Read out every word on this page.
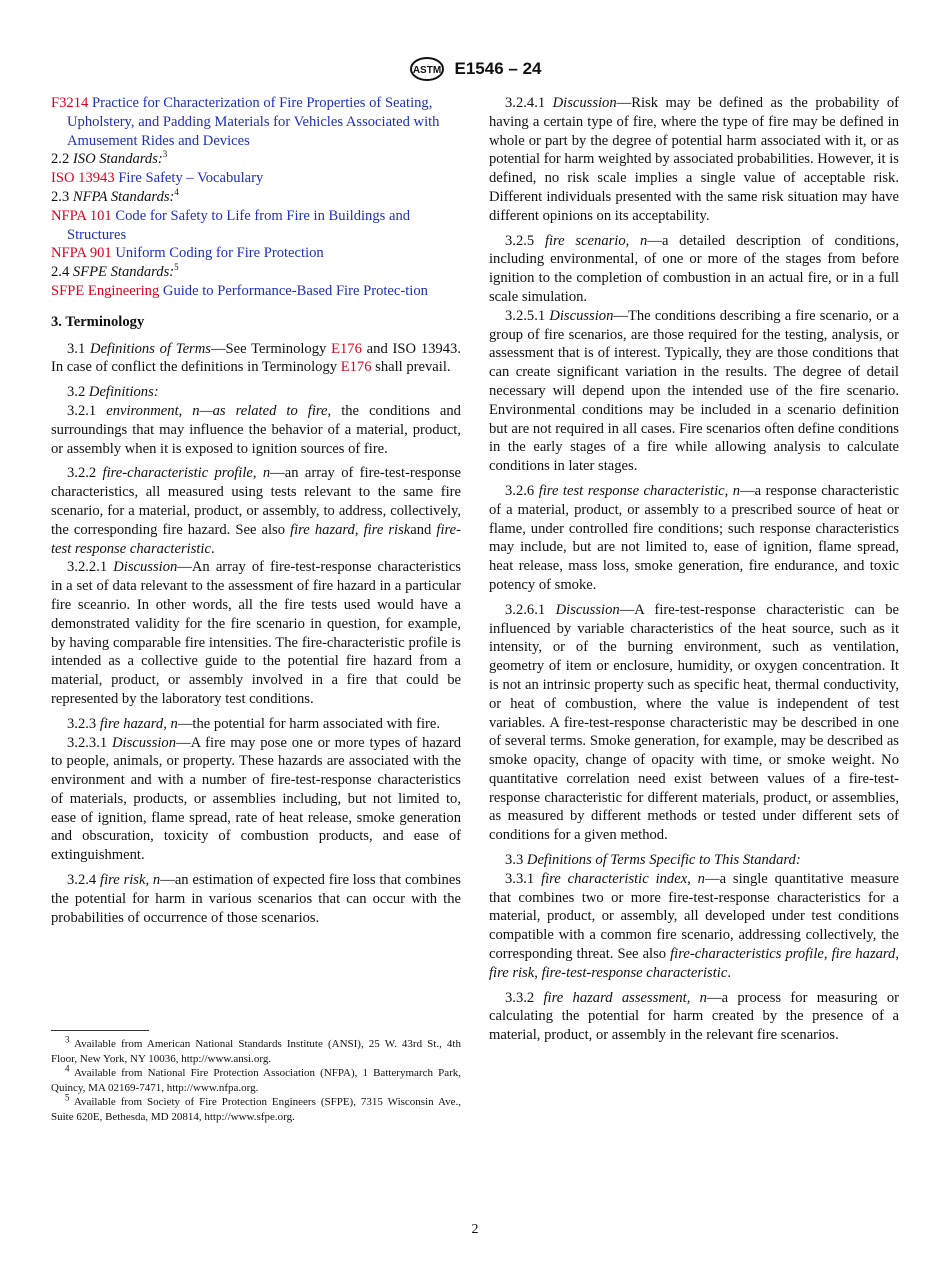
ASTM E1546 – 24

F3214 Practice for Characterization of Fire Properties of Seating, Upholstery, and Padding Materials for Vehicles Associated with Amusement Rides and Devices

2.2 ISO Standards:$^3$

ISO 13943 Fire Safety – Vocabulary

2.3 NFPA Standards:$^4$

NFPA 101 Code for Safety to Life from Fire in Buildings and Structures

NFPA 901 Uniform Coding for Fire Protection

2.4 SFPE Standards:$^5$

SFPE Engineering Guide to Performance-Based Fire Protec-tion

3. Terminology

3.1 Definitions of Terms—See Terminology E176 and ISO 13943. In case of conflict the definitions in Terminology E176 shall prevail.

3.2 Definitions:

3.2.1 environment, n—as related to fire, the conditions and surroundings that may influence the behavior of a material, product, or assembly when it is exposed to ignition sources of fire.

3.2.2 fire-characteristic profile, n—an array of fire-test-response characteristics, all measured using tests relevant to the same fire scenario, for a material, product, or assembly, to address, collectively, the corresponding fire hazard. See also fire hazard, fire riskand fire-test response characteristic.

3.2.2.1 Discussion—An array of fire-test-response characteristics in a set of data relevant to the assessment of fire hazard in a particular fire sceanrio. In other words, all the fire tests used would have a demonstrated validity for the fire scenario in question, for example, by having comparable fire intensities. The fire-characteristic profile is intended as a collective guide to the potential fire hazard from a material, product, or assembly involved in a fire that could be represented by the laboratory test conditions.

3.2.3 fire hazard, n—the potential for harm associated with fire.

3.2.3.1 Discussion—A fire may pose one or more types of hazard to people, animals, or property. These hazards are associated with the environment and with a number of fire-test-response characteristics of materials, products, or assemblies including, but not limited to, ease of ignition, flame spread, rate of heat release, smoke generation and obscuration, toxicity of combustion products, and ease of extinguishment.

3.2.4 fire risk, n—an estimation of expected fire loss that combines the potential for harm in various scenarios that can occur with the probabilities of occurrence of those scenarios.

$^3$ Available from American National Standards Institute (ANSI), 25 W. 43rd St., 4th Floor, New York, NY 10036, http://www.ansi.org.

$^4$ Available from National Fire Protection Association (NFPA), 1 Batterymarch Park, Quincy, MA 02169-7471, http://www.nfpa.org.

$^5$ Available from Society of Fire Protection Engineers (SFPE), 7315 Wisconsin Ave., Suite 620E, Bethesda, MD 20814, http://www.sfpe.org.

3.2.4.1 Discussion—Risk may be defined as the probability of having a certain type of fire, where the type of fire may be defined in whole or part by the degree of potential harm associated with it, or as potential for harm weighted by associated probabilities. However, it is defined, no risk scale implies a single value of acceptable risk. Different individuals presented with the same risk situation may have different opinions on its acceptability.

3.2.5 fire scenario, n—a detailed description of conditions, including environmental, of one or more of the stages from before ignition to the completion of combustion in an actual fire, or in a full scale simulation.

3.2.5.1 Discussion—The conditions describing a fire scenario, or a group of fire scenarios, are those required for the testing, analysis, or assessment that is of interest. Typically, they are those conditions that can create significant variation in the results. The degree of detail necessary will depend upon the intended use of the fire scenario. Environmental conditions may be included in a scenario definition but are not required in all cases. Fire scenarios often define conditions in the early stages of a fire while allowing analysis to calculate conditions in later stages.

3.2.6 fire test response characteristic, n—a response characteristic of a material, product, or assembly to a prescribed source of heat or flame, under controlled fire conditions; such response characteristics may include, but are not limited to, ease of ignition, flame spread, heat release, mass loss, smoke generation, fire endurance, and toxic potency of smoke.

3.2.6.1 Discussion—A fire-test-response characteristic can be influenced by variable characteristics of the heat source, such as it intensity, or of the burning environment, such as ventilation, geometry of item or enclosure, humidity, or oxygen concentration. It is not an intrinsic property such as specific heat, thermal conductivity, or heat of combustion, where the value is independent of test variables. A fire-test-response characteristic may be described in one of several terms. Smoke generation, for example, may be described as smoke opacity, change of opacity with time, or smoke weight. No quantitative correlation need exist between values of a fire-test-response characteristic for different materials, product, or assemblies, as measured by different methods or tested under different sets of conditions for a given method.

3.3 Definitions of Terms Specific to This Standard:

3.3.1 fire characteristic index, n—a single quantitative measure that combines two or more fire-test-response characteristics for a material, product, or assembly, all developed under test conditions compatible with a common fire scenario, addressing collectively, the corresponding threat. See also fire-characteristics profile, fire hazard, fire risk, fire-test-response characteristic.

3.3.2 fire hazard assessment, n—a process for measuring or calculating the potential for harm created by the presence of a material, product, or assembly in the relevant fire scenarios.

2
